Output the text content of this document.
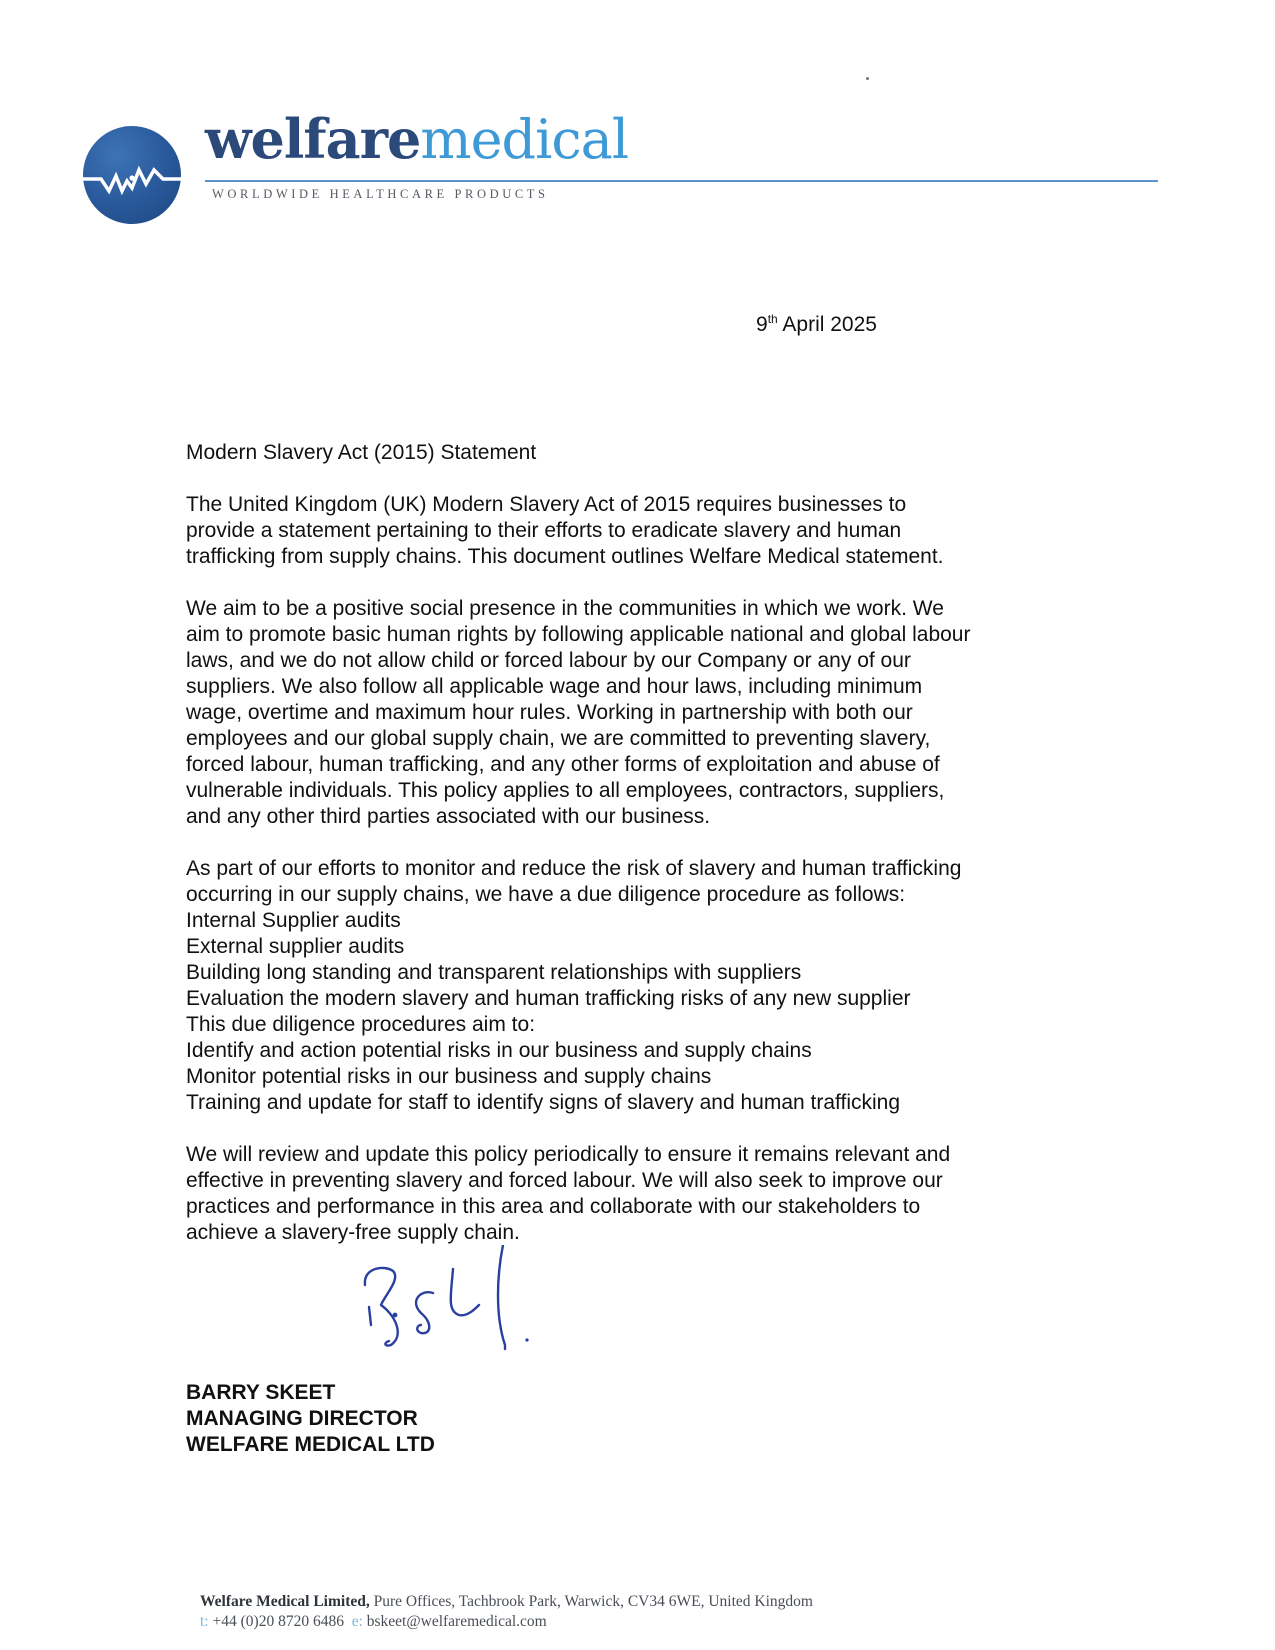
welfaremedical
WORLDWIDE HEALTHCARE PRODUCTS
9th April 2025

Modern Slavery Act (2015) Statement

The United Kingdom (UK) Modern Slavery Act of 2015 requires businesses to

provide a statement pertaining to their efforts to eradicate slavery and human

trafficking from supply chains. This document outlines Welfare Medical statement.

We aim to be a positive social presence in the communities in which we work. We

aim to promote basic human rights by following applicable national and global labour

laws, and we do not allow child or forced labour by our Company or any of our

suppliers. We also follow all applicable wage and hour laws, including minimum

wage, overtime and maximum hour rules. Working in partnership with both our

employees and our global supply chain, we are committed to preventing slavery,

forced labour, human trafficking, and any other forms of exploitation and abuse of

vulnerable individuals. This policy applies to all employees, contractors, suppliers,

and any other third parties associated with our business.

As part of our efforts to monitor and reduce the risk of slavery and human trafficking

occurring in our supply chains, we have a due diligence procedure as follows:

Internal Supplier audits

External supplier audits

Building long standing and transparent relationships with suppliers

Evaluation the modern slavery and human trafficking risks of any new supplier

This due diligence procedures aim to:

Identify and action potential risks in our business and supply chains

Monitor potential risks in our business and supply chains

Training and update for staff to identify signs of slavery and human trafficking

We will review and update this policy periodically to ensure it remains relevant and

effective in preventing slavery and forced labour. We will also seek to improve our

practices and performance in this area and collaborate with our stakeholders to

achieve a slavery-free supply chain.

BARRY SKEET
MANAGING DIRECTOR
WELFARE MEDICAL LTD
Welfare Medical Limited, Pure Offices, Tachbrook Park, Warwick, CV34 6WE, United Kingdom
t: +44 (0)20 8720 6486 e: bskeet@welfaremedical.com
